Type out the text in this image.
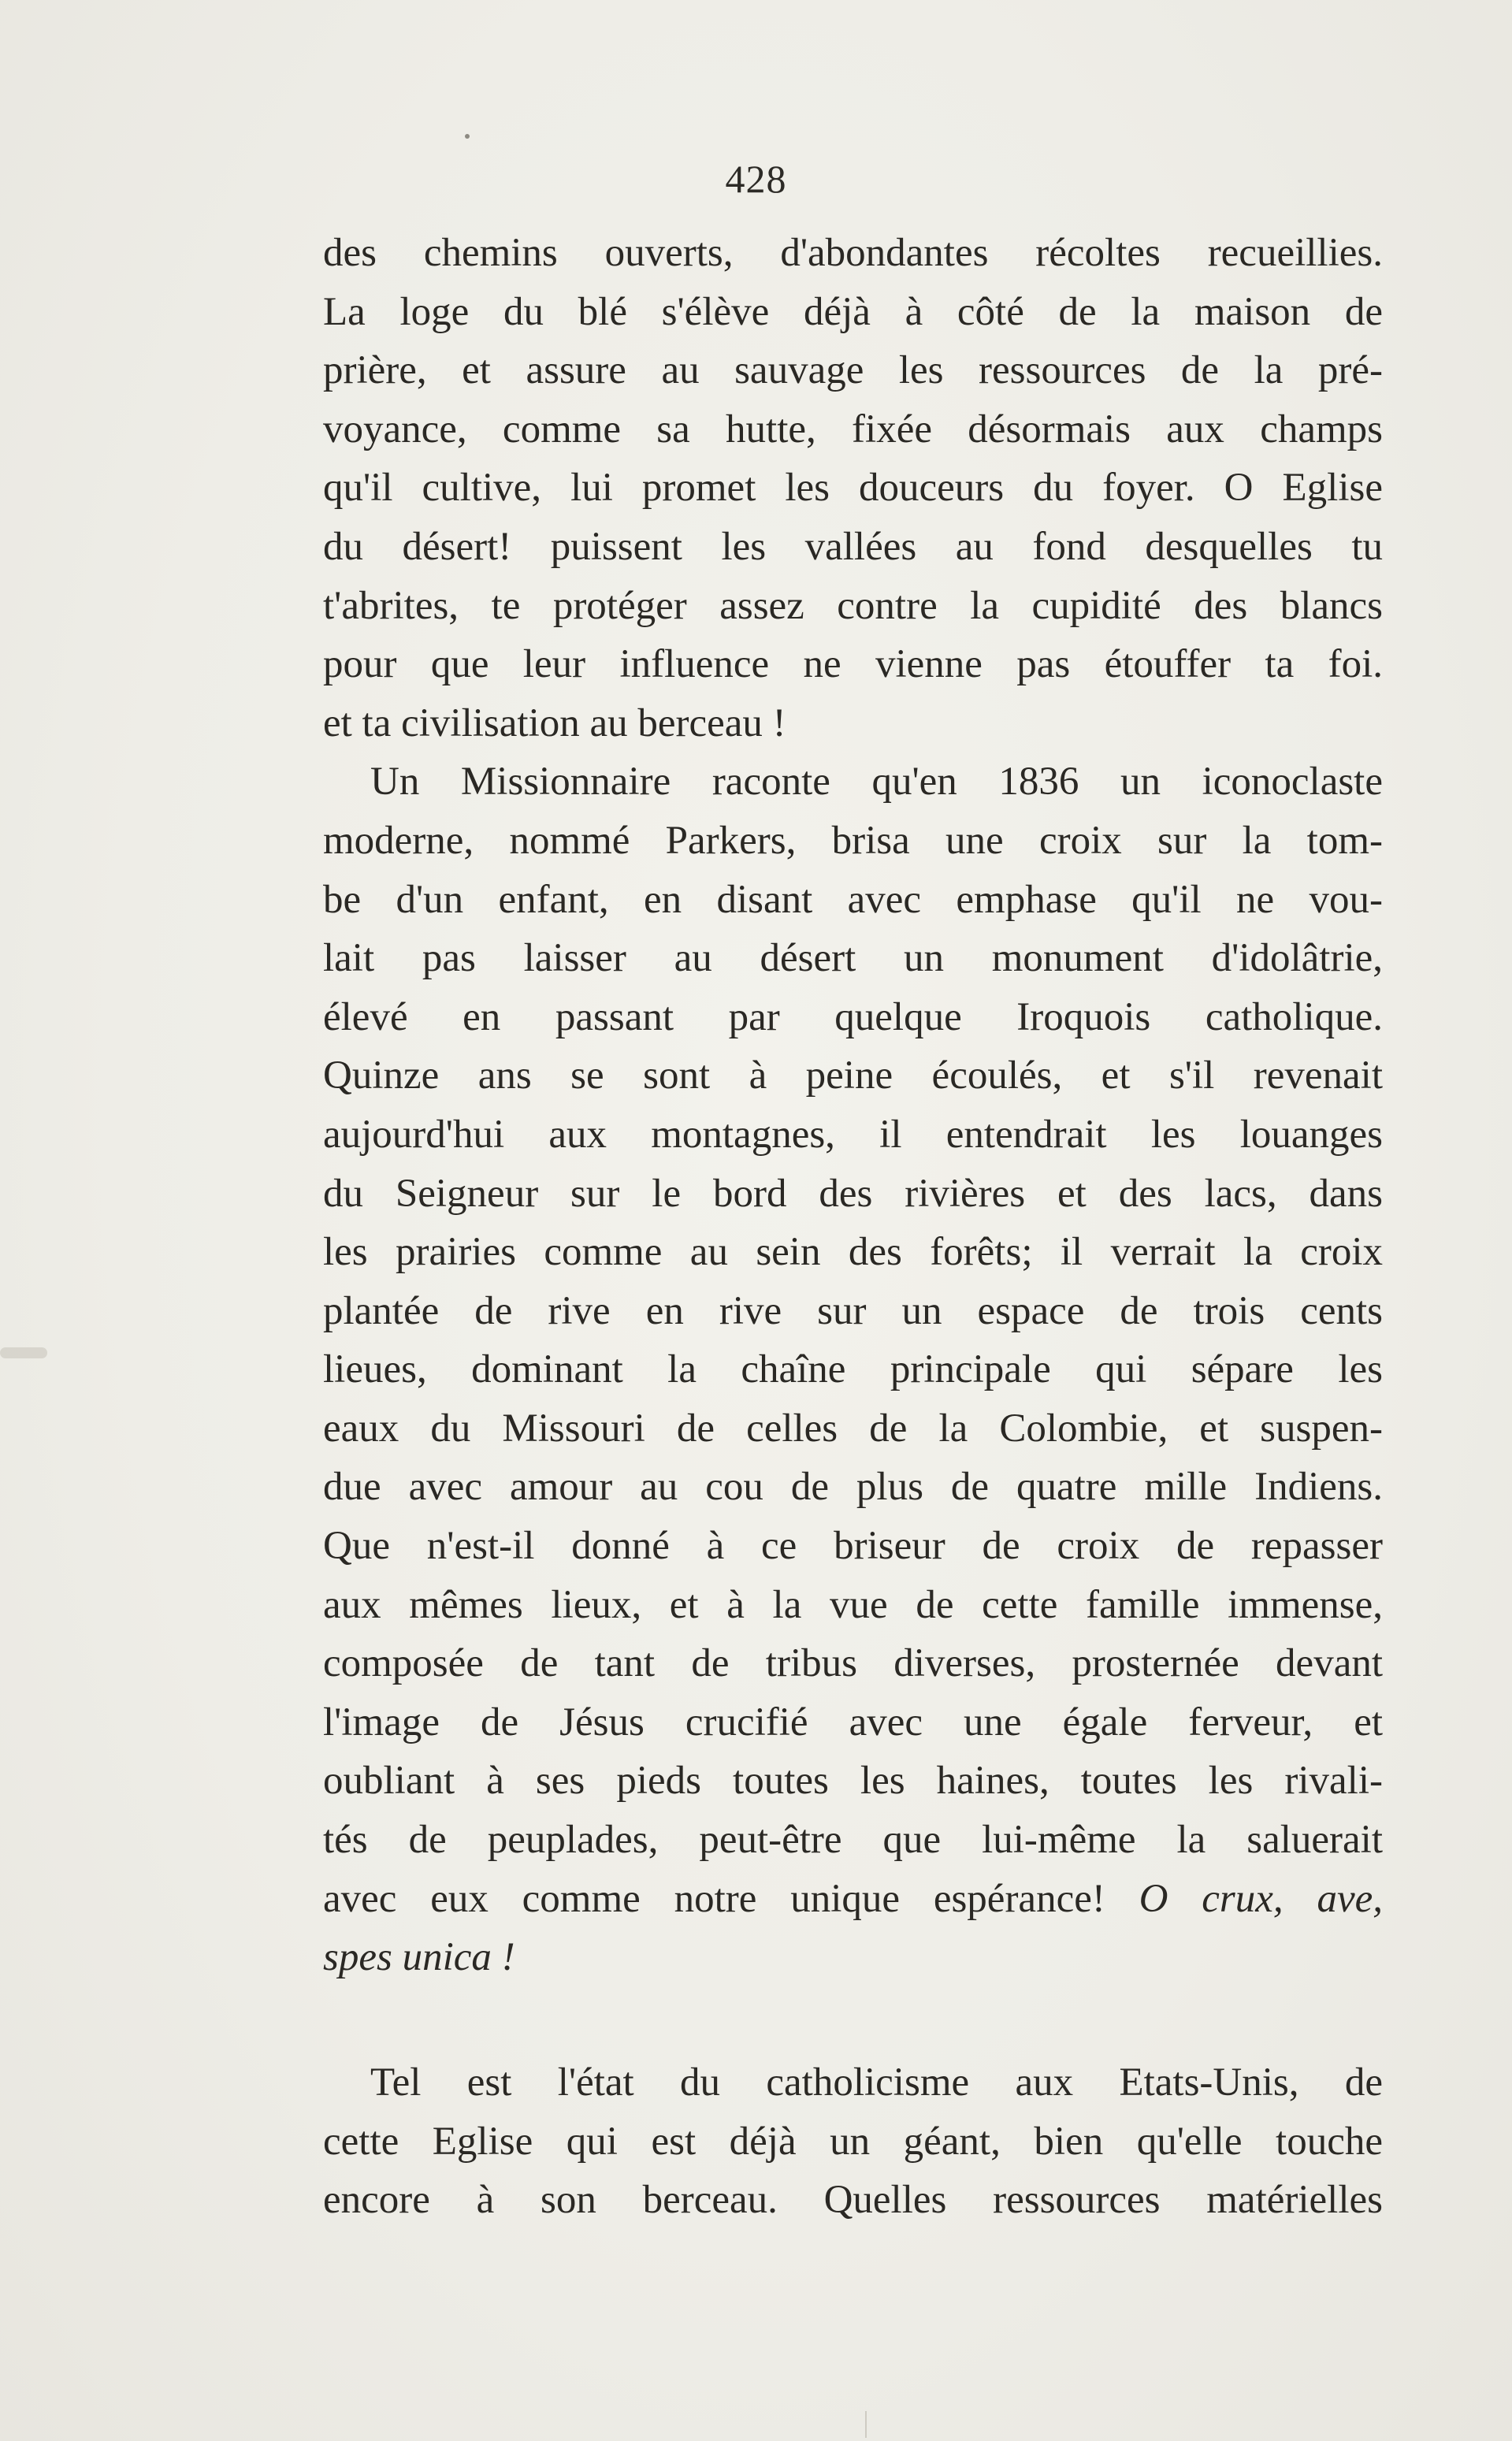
428
des chemins ouverts, d'abondantes récoltes recueillies.
La loge du blé s'élève déjà à côté de la maison de
prière, et assure au sauvage les ressources de la pré-
voyance, comme sa hutte, fixée désormais aux champs
qu'il cultive, lui promet les douceurs du foyer. O Eglise
du désert! puissent les vallées au fond desquelles tu
t'abrites, te protéger assez contre la cupidité des blancs
pour que leur influence ne vienne pas étouffer ta foi.
et ta civilisation au berceau !
Un Missionnaire raconte qu'en 1836 un iconoclaste
moderne, nommé Parkers, brisa une croix sur la tom-
be d'un enfant, en disant avec emphase qu'il ne vou-
lait pas laisser au désert un monument d'idolâtrie,
élevé en passant par quelque Iroquois catholique.
Quinze ans se sont à peine écoulés, et s'il revenait
aujourd'hui aux montagnes, il entendrait les louanges
du Seigneur sur le bord des rivières et des lacs, dans
les prairies comme au sein des forêts; il verrait la croix
plantée de rive en rive sur un espace de trois cents
lieues, dominant la chaîne principale qui sépare les
eaux du Missouri de celles de la Colombie, et suspen-
due avec amour au cou de plus de quatre mille Indiens.
Que n'est-il donné à ce briseur de croix de repasser
aux mêmes lieux, et à la vue de cette famille immense,
composée de tant de tribus diverses, prosternée devant
l'image de Jésus crucifié avec une égale ferveur, et
oubliant à ses pieds toutes les haines, toutes les rivali-
tés de peuplades, peut-être que lui-même la saluerait
avec eux comme notre unique espérance! O crux, ave,
spes unica !
Tel est l'état du catholicisme aux Etats-Unis, de
cette Eglise qui est déjà un géant, bien qu'elle touche
encore à son berceau. Quelles ressources matérielles
